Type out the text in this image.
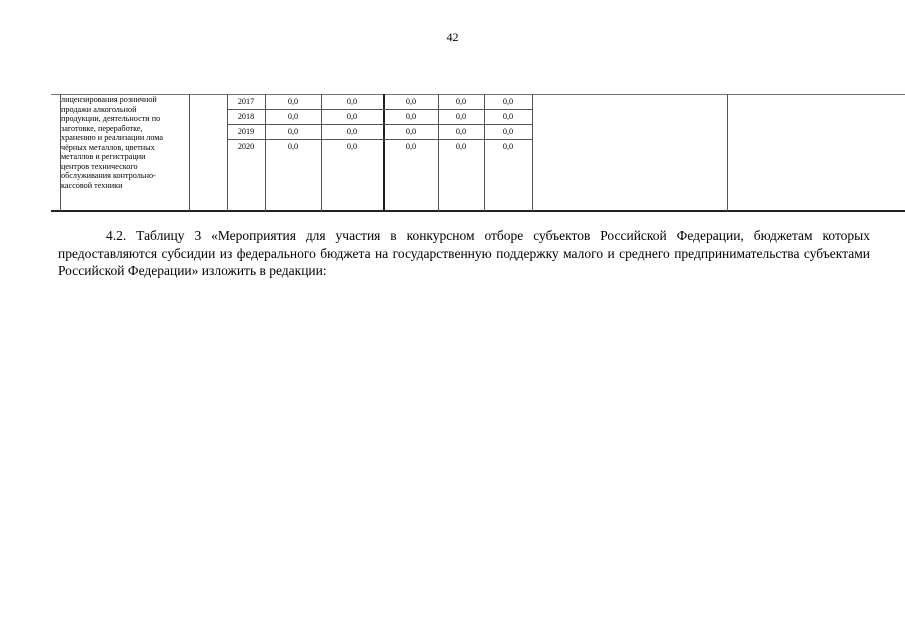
42
лицензирования розничной
продажи алкогольной
продукции, деятельности по
заготовке, переработке,
хранению и реализации лома
чёрных металлов, цветных
металлов и регистрации
центров технического
обслуживания контрольно-
кассовой техники
2017	0,0	0,0	0,0	0,0	0,0
2018	0,0	0,0	0,0	0,0	0,0
2019	0,0	0,0	0,0	0,0	0,0
2020	0,0	0,0	0,0	0,0	0,0
4.2. Таблицу 3 «Мероприятия для участия в конкурсном отборе субъектов Российской Федерации, бюджетам которых предоставляются субсидии из федерального бюджета на государственную поддержку малого и среднего предпринимательства субъектами Российской Федерации» изложить в редакции:
